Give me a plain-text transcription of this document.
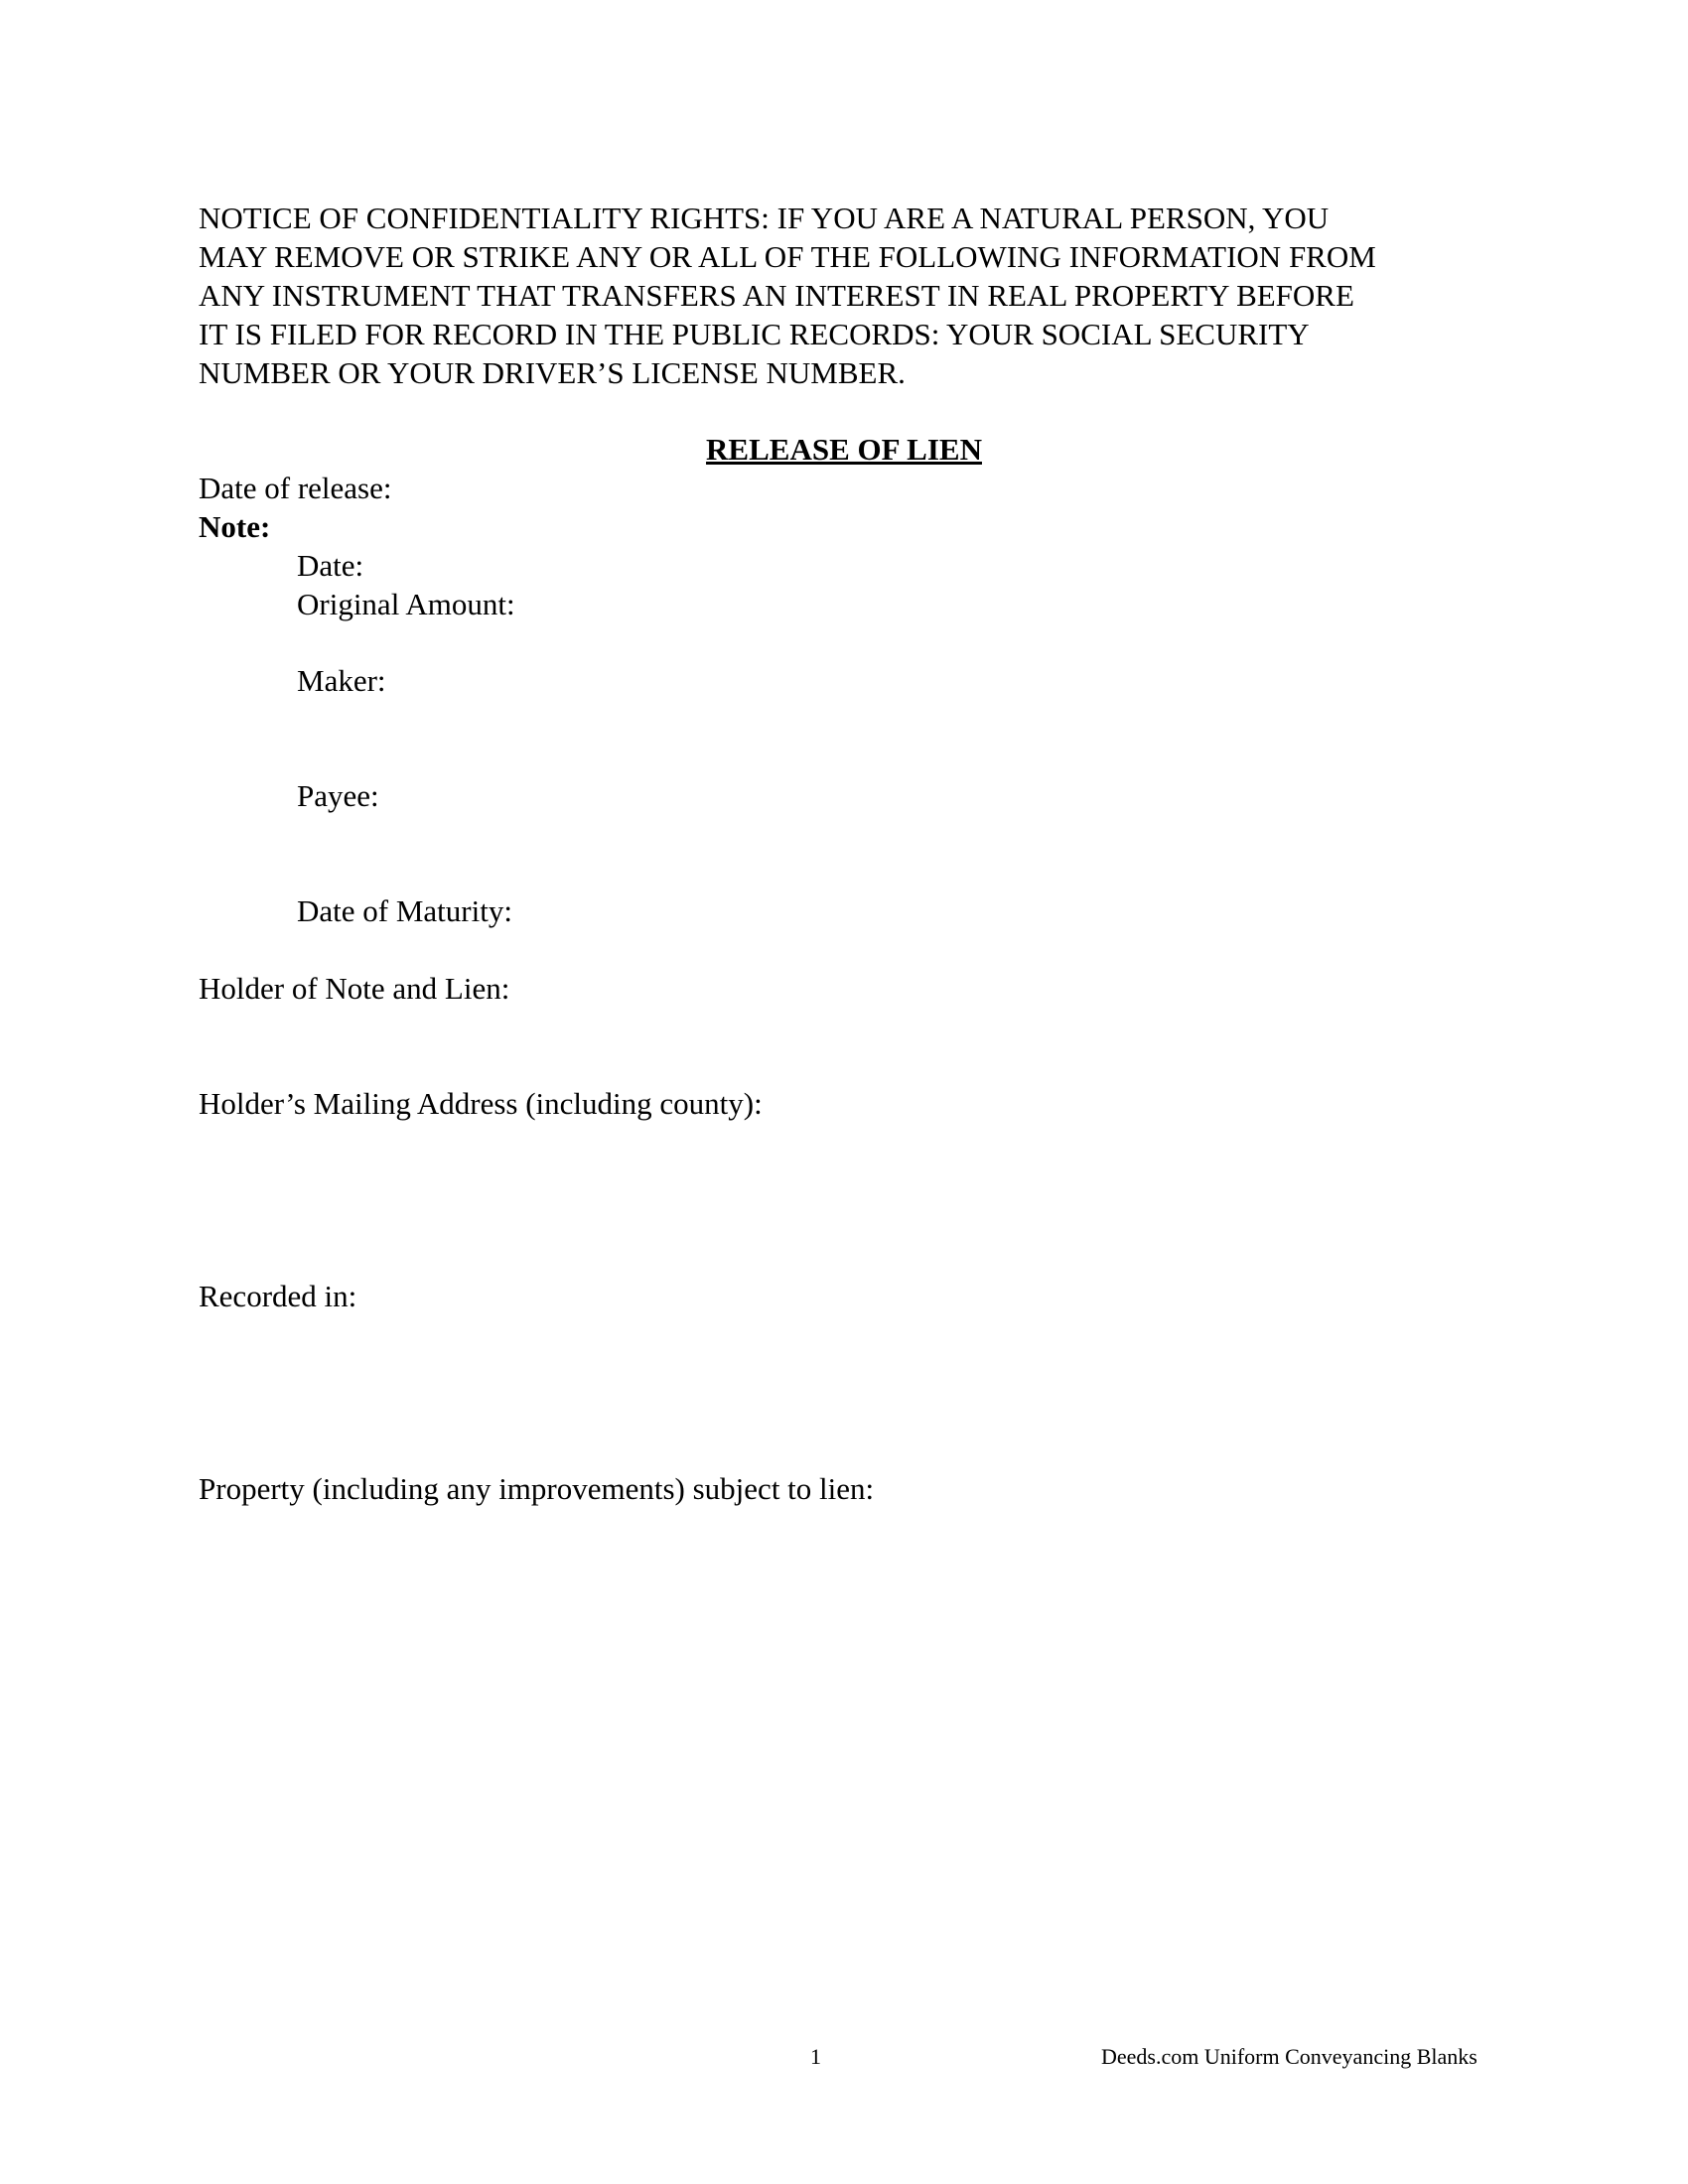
NOTICE OF CONFIDENTIALITY RIGHTS: IF YOU ARE A NATURAL PERSON, YOU
MAY REMOVE OR STRIKE ANY OR ALL OF THE FOLLOWING INFORMATION FROM
ANY INSTRUMENT THAT TRANSFERS AN INTEREST IN REAL PROPERTY BEFORE
IT IS FILED FOR RECORD IN THE PUBLIC RECORDS: YOUR SOCIAL SECURITY
NUMBER OR YOUR DRIVER’S LICENSE NUMBER.
RELEASE OF LIEN
Date of release:
Note:
Date:
Original Amount:
Maker:
Payee:
Date of Maturity:
Holder of Note and Lien:
Holder’s Mailing Address (including county):
Recorded in:
Property (including any improvements) subject to lien:
1	Deeds.com Uniform Conveyancing Blanks
